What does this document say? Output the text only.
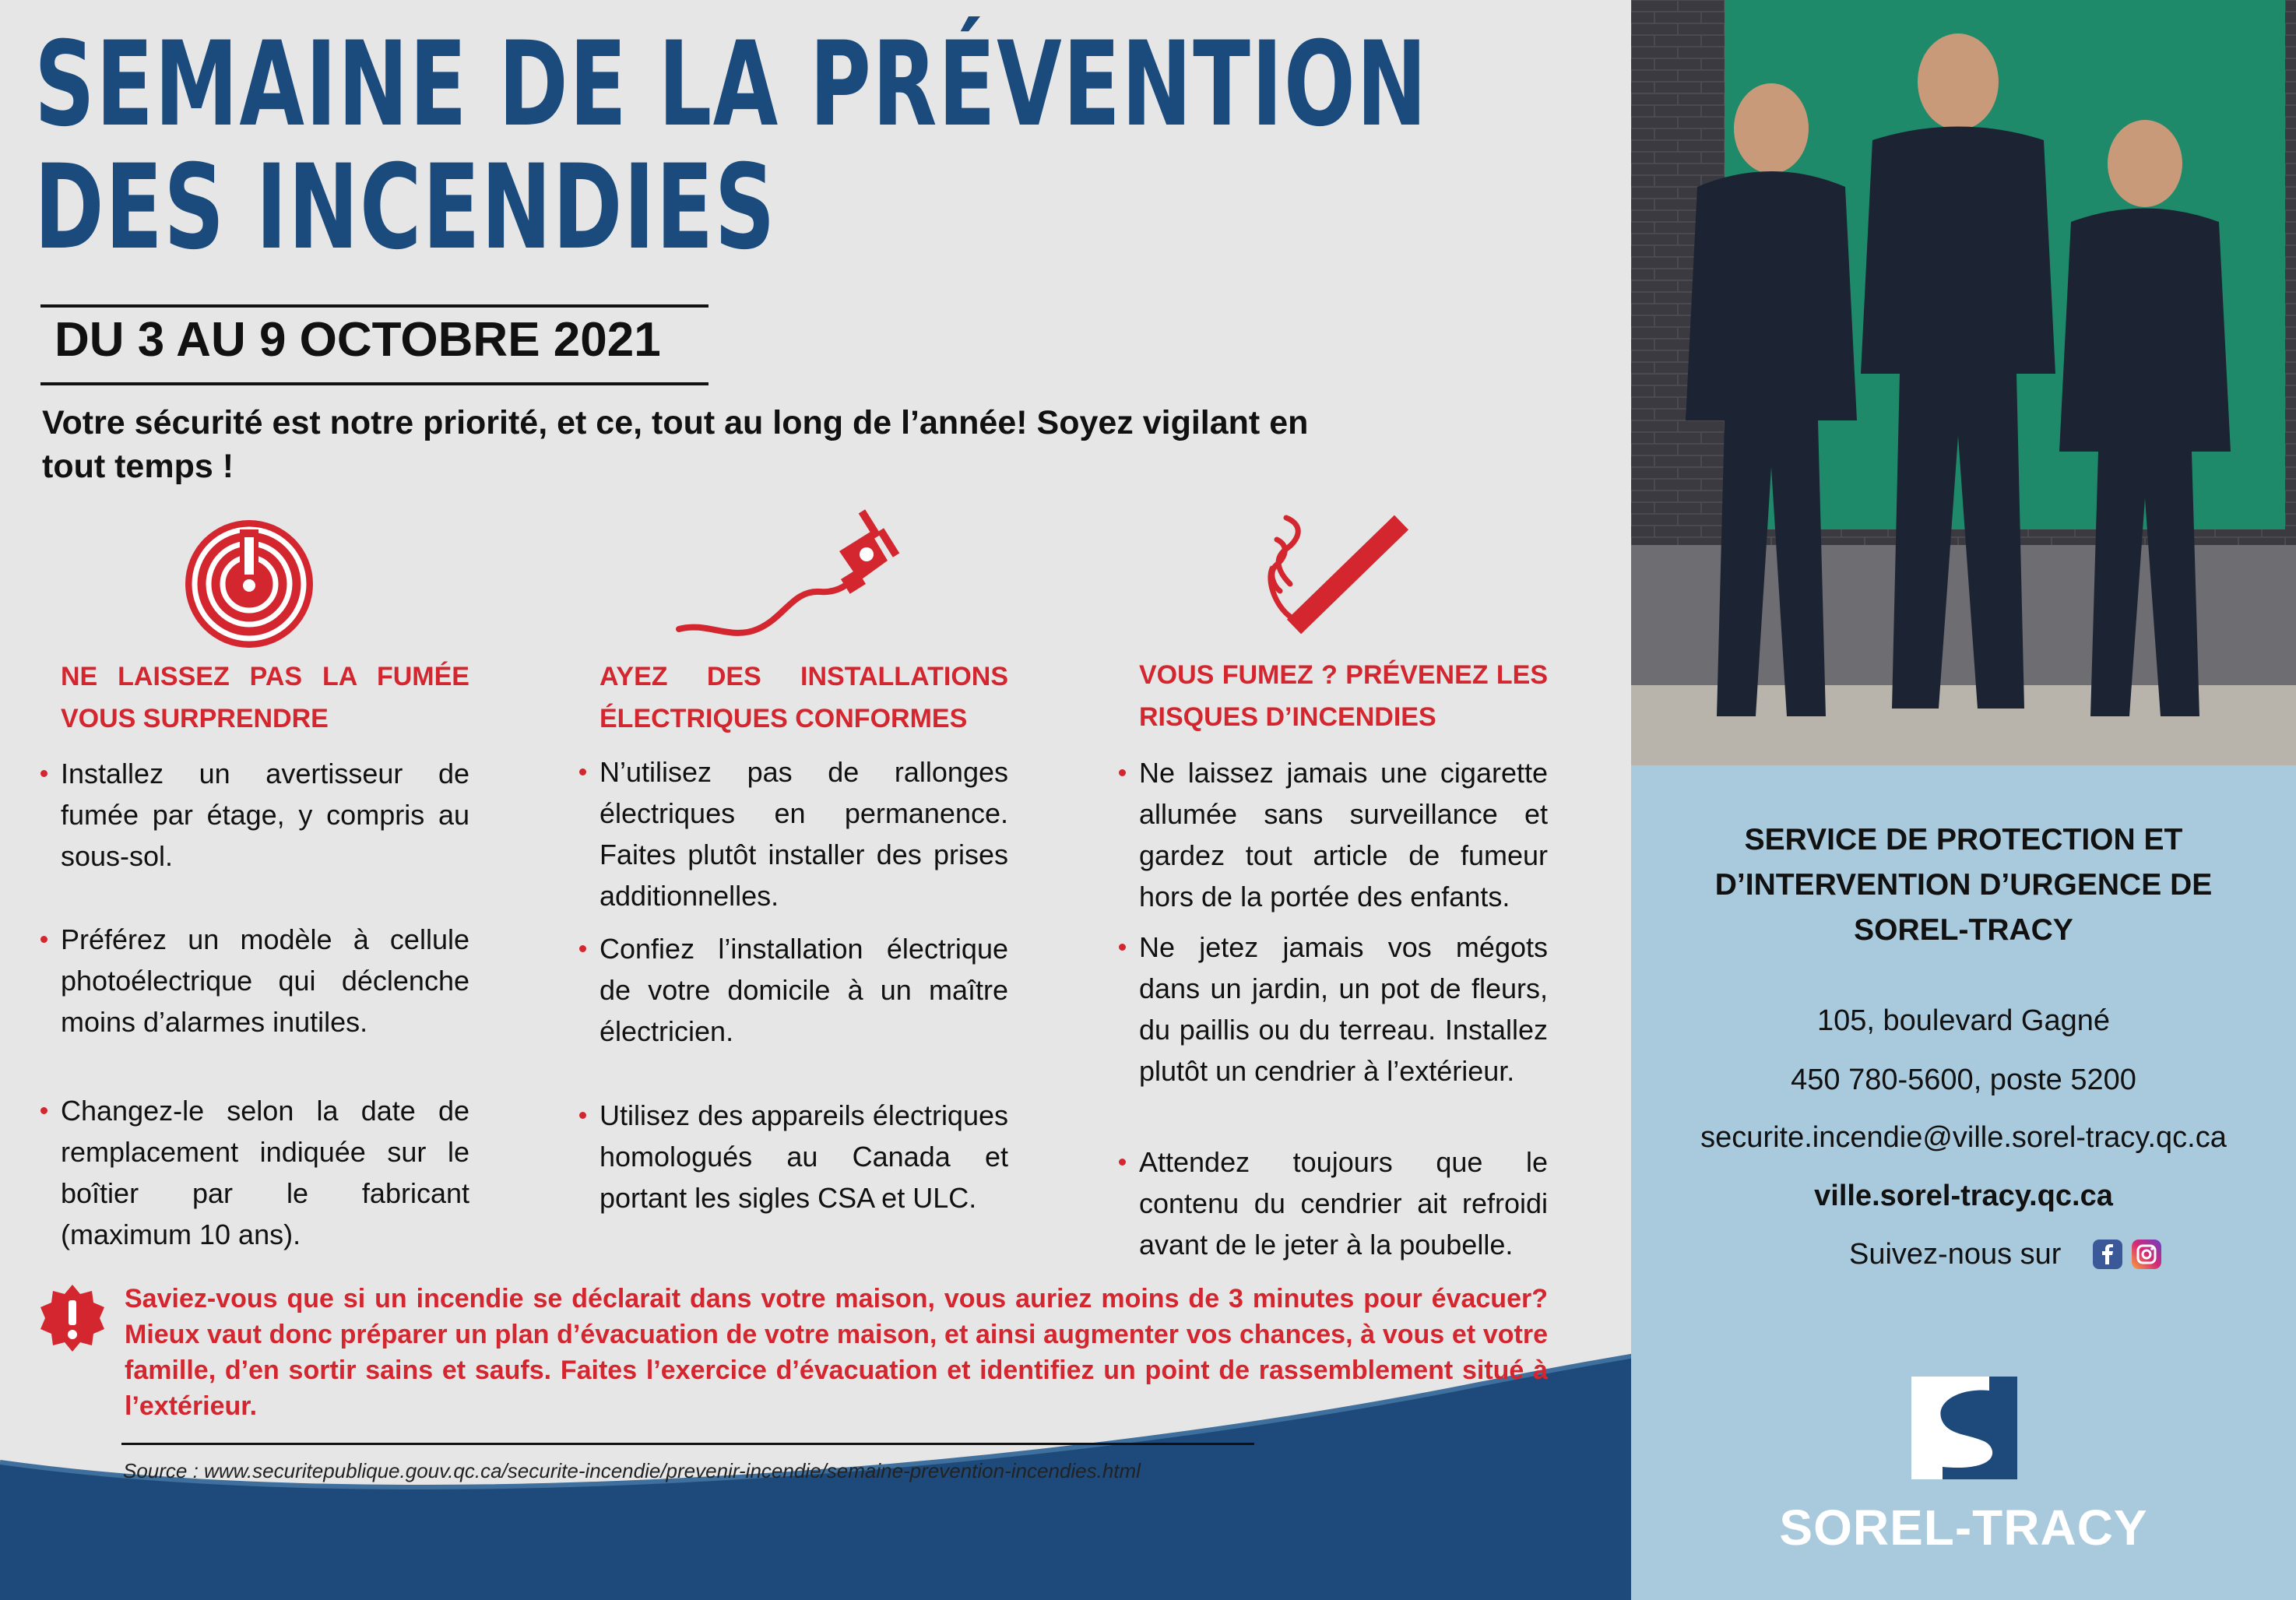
SEMAINE DE LA PRÉVENTION
DES INCENDIES
DU 3 AU 9 OCTOBRE 2021
Votre sécurité est notre priorité, et ce, tout au long de l’année! Soyez vigilant en tout temps !
NE LAISSEZ PAS LA FUMÉE VOUS SURPRENDRE
Installez un avertisseur de fumée par étage, y compris au sous-sol.
Préférez un modèle à cellule photoélectrique qui déclenche moins d’alarmes inutiles.
Changez-le selon la date de remplacement indiquée sur le boîtier par le fabricant (maximum 10 ans).
AYEZ DES INSTALLATIONS ÉLECTRIQUES CONFORMES
N’utilisez pas de rallonges électriques en permanence. Faites plutôt installer des prises additionnelles.
Confiez l’installation électrique de votre domicile à un maître électricien.
Utilisez des appareils électriques homologués au Canada et portant les sigles CSA et ULC.
VOUS FUMEZ ? PRÉVENEZ LES RISQUES D’INCENDIES
Ne laissez jamais une cigarette allumée sans surveillance et gardez tout article de fumeur hors de la portée des enfants.
Ne jetez jamais vos mégots dans un jardin, un pot de fleurs, du paillis ou du terreau. Installez plutôt un cendrier à l’extérieur.
Attendez toujours que le contenu du cendrier ait refroidi avant de le jeter à la poubelle.
Saviez-vous que si un incendie se déclarait dans votre maison, vous auriez moins de 3 minutes pour évacuer? Mieux vaut donc préparer un plan d’évacuation de votre maison, et ainsi augmenter vos chances, à vous et votre famille, d’en sortir sains et saufs. Faites l’exercice d’évacuation et identifiez un point de rassemblement situé à l’extérieur.
Source : www.securitepublique.gouv.qc.ca/securite-incendie/prevenir-incendie/semaine-prevention-incendies.html
SERVICE DE PROTECTION ET
D’INTERVENTION D’URGENCE DE
SOREL-TRACY
105, boulevard Gagné
450 780-5600, poste 5200
securite.incendie@ville.sorel-tracy.qc.ca
ville.sorel-tracy.qc.ca
Suivez-nous sur
SOREL-TRACY
